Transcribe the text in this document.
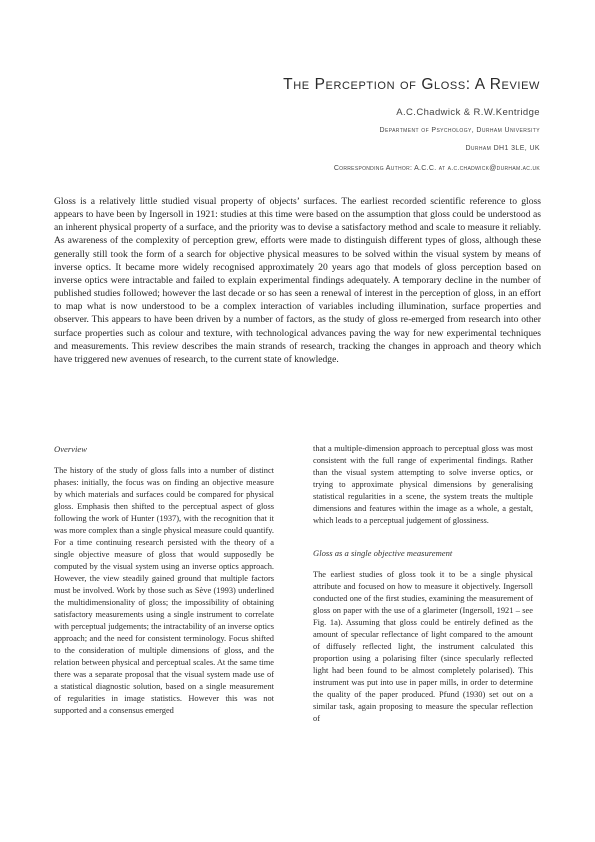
The Perception of Gloss: A Review
A.C.Chadwick & R.W.Kentridge
Department of Psychology, Durham University
Durham DH1 3LE, UK
Corresponding Author: A.C.C. at a.c.chadwick@durham.ac.uk
Gloss is a relatively little studied visual property of objects’ surfaces. The earliest recorded scientific reference to gloss appears to have been by Ingersoll in 1921: studies at this time were based on the assumption that gloss could be understood as an inherent physical property of a surface, and the priority was to devise a satisfactory method and scale to measure it reliably. As awareness of the complexity of perception grew, efforts were made to distinguish different types of gloss, although these generally still took the form of a search for objective physical measures to be solved within the visual system by means of inverse optics. It became more widely recognised approximately 20 years ago that models of gloss perception based on inverse optics were intractable and failed to explain experimental findings adequately. A temporary decline in the number of published studies followed; however the last decade or so has seen a renewal of interest in the perception of gloss, in an effort to map what is now understood to be a complex interaction of variables including illumination, surface properties and observer. This appears to have been driven by a number of factors, as the study of gloss re-emerged from research into other surface properties such as colour and texture, with technological advances paving the way for new experimental techniques and measurements. This review describes the main strands of research, tracking the changes in approach and theory which have triggered new avenues of research, to the current state of knowledge.
Overview

The history of the study of gloss falls into a number of distinct phases: initially, the focus was on finding an objective measure by which materials and surfaces could be compared for physical gloss. Emphasis then shifted to the perceptual aspect of gloss following the work of Hunter (1937), with the recognition that it was more complex than a single physical measure could quantify. For a time continuing research persisted with the theory of a single objective measure of gloss that would supposedly be computed by the visual system using an inverse optics approach. However, the view steadily gained ground that multiple factors must be involved. Work by those such as Sève (1993) underlined the multidimensionality of gloss; the impossibility of obtaining satisfactory measurements using a single instrument to correlate with perceptual judgements; the intractability of an inverse optics approach; and the need for consistent terminology. Focus shifted to the consideration of multiple dimensions of gloss, and the relation between physical and perceptual scales. At the same time there was a separate proposal that the visual system made use of a statistical diagnostic solution, based on a single measurement of regularities in image statistics. However this was not supported and a consensus emerged

that a multiple-dimension approach to perceptual gloss was most consistent with the full range of experimental findings. Rather than the visual system attempting to solve inverse optics, or trying to approximate physical dimensions by generalising statistical regularities in a scene, the system treats the multiple dimensions and features within the image as a whole, a gestalt, which leads to a perceptual judgement of glossiness.

Gloss as a single objective measurement

The earliest studies of gloss took it to be a single physical attribute and focused on how to measure it objectively. Ingersoll conducted one of the first studies, examining the measurement of gloss on paper with the use of a glarimeter (Ingersoll, 1921 – see Fig. 1a). Assuming that gloss could be entirely defined as the amount of specular reflectance of light compared to the amount of diffusely reflected light, the instrument calculated this proportion using a polarising filter (since specularly reflected light had been found to be almost completely polarised). This instrument was put into use in paper mills, in order to determine the quality of the paper produced. Pfund (1930) set out on a similar task, again proposing to measure the specular reflection of
